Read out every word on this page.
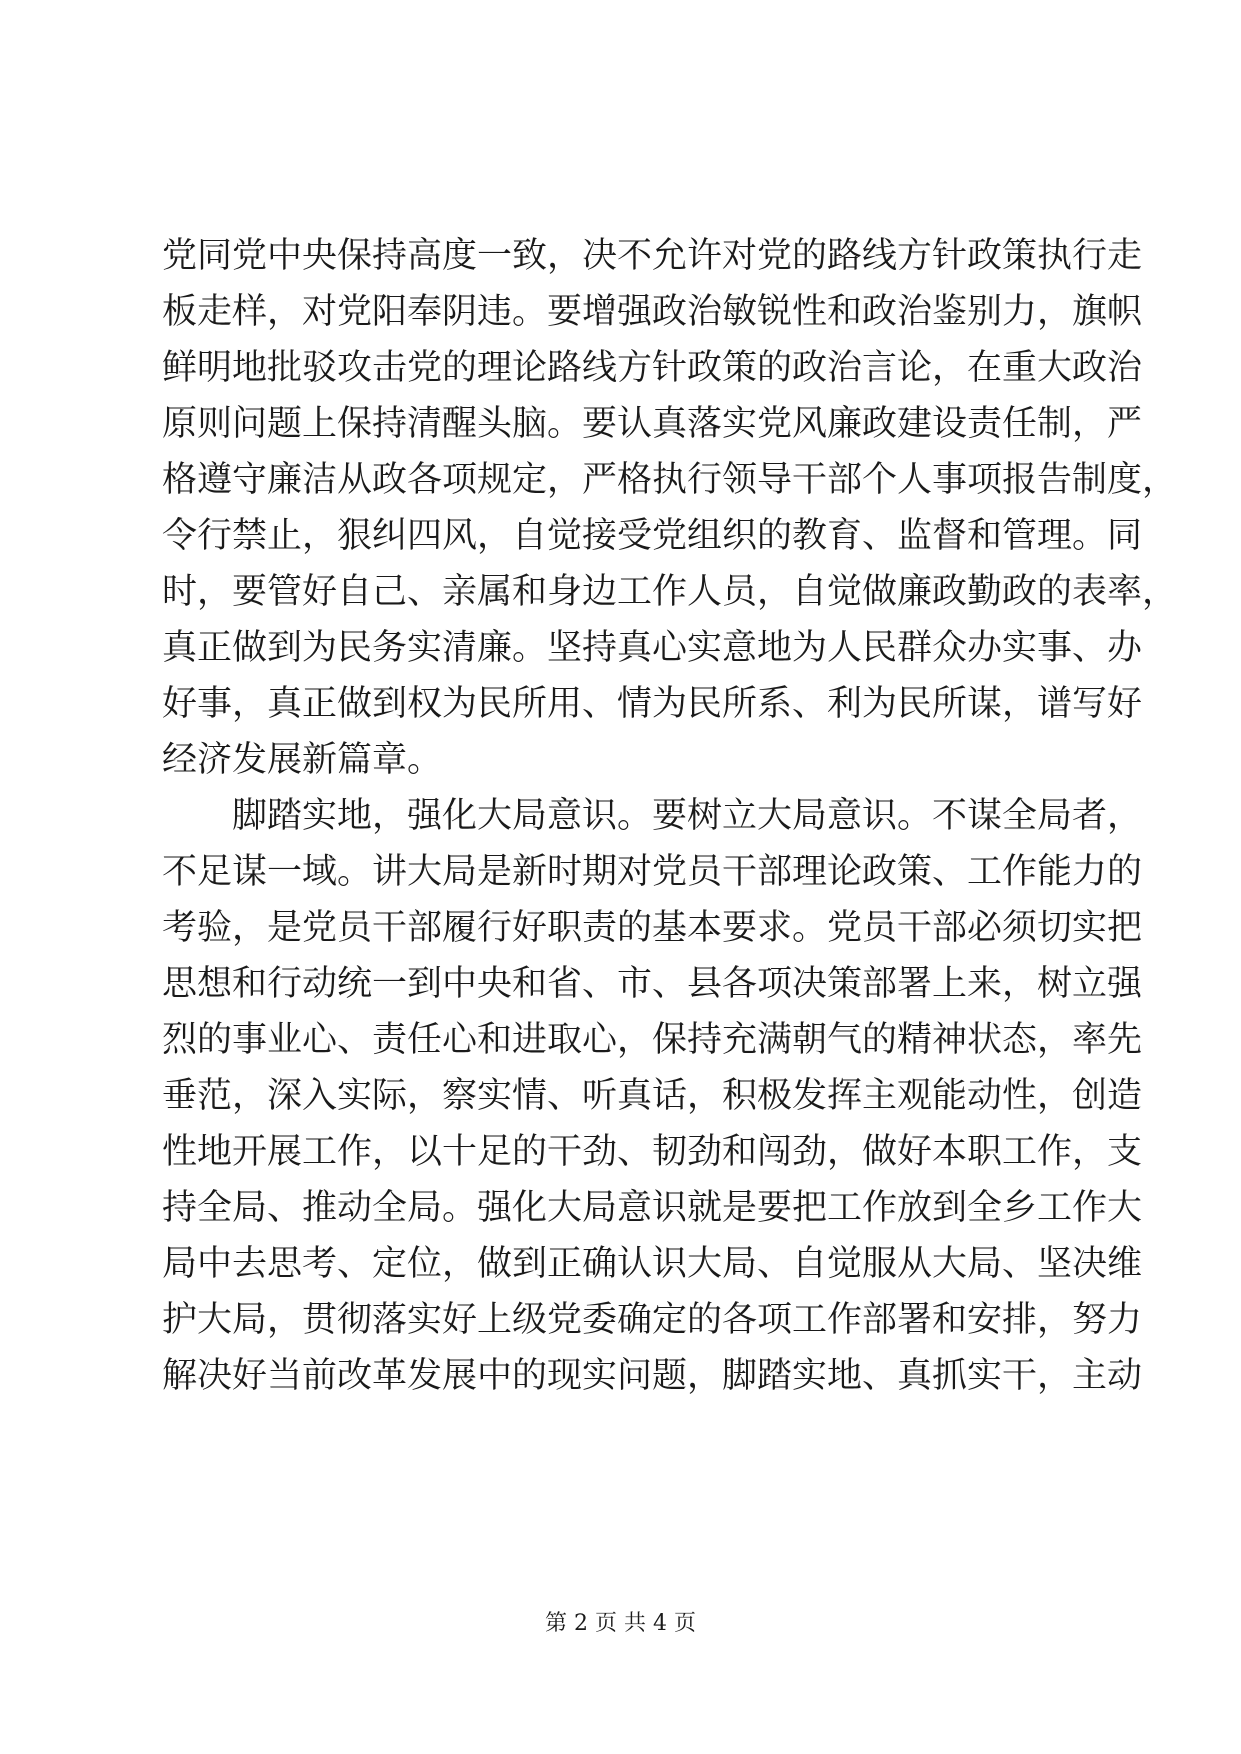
党同党中央保持高度一致，决不允许对党的路线方针政策执行走
板走样，对党阳奉阴违。要增强政治敏锐性和政治鉴别力，旗帜
鲜明地批驳攻击党的理论路线方针政策的政治言论，在重大政治
原则问题上保持清醒头脑。要认真落实党风廉政建设责任制，严
格遵守廉洁从政各项规定，严格执行领导干部个人事项报告制度，
令行禁止，狠纠四风，自觉接受党组织的教育、监督和管理。同
时，要管好自己、亲属和身边工作人员，自觉做廉政勤政的表率，
真正做到为民务实清廉。坚持真心实意地为人民群众办实事、办
好事，真正做到权为民所用、情为民所系、利为民所谋，谱写好
经济发展新篇章。
脚踏实地，强化大局意识。要树立大局意识。不谋全局者，
不足谋一域。讲大局是新时期对党员干部理论政策、工作能力的
考验，是党员干部履行好职责的基本要求。党员干部必须切实把
思想和行动统一到中央和省、市、县各项决策部署上来，树立强
烈的事业心、责任心和进取心，保持充满朝气的精神状态，率先
垂范，深入实际，察实情、听真话，积极发挥主观能动性，创造
性地开展工作，以十足的干劲、韧劲和闯劲，做好本职工作，支
持全局、推动全局。强化大局意识就是要把工作放到全乡工作大
局中去思考、定位，做到正确认识大局、自觉服从大局、坚决维
护大局，贯彻落实好上级党委确定的各项工作部署和安排，努力
解决好当前改革发展中的现实问题，脚踏实地、真抓实干，主动
第 2 页 共 4 页
